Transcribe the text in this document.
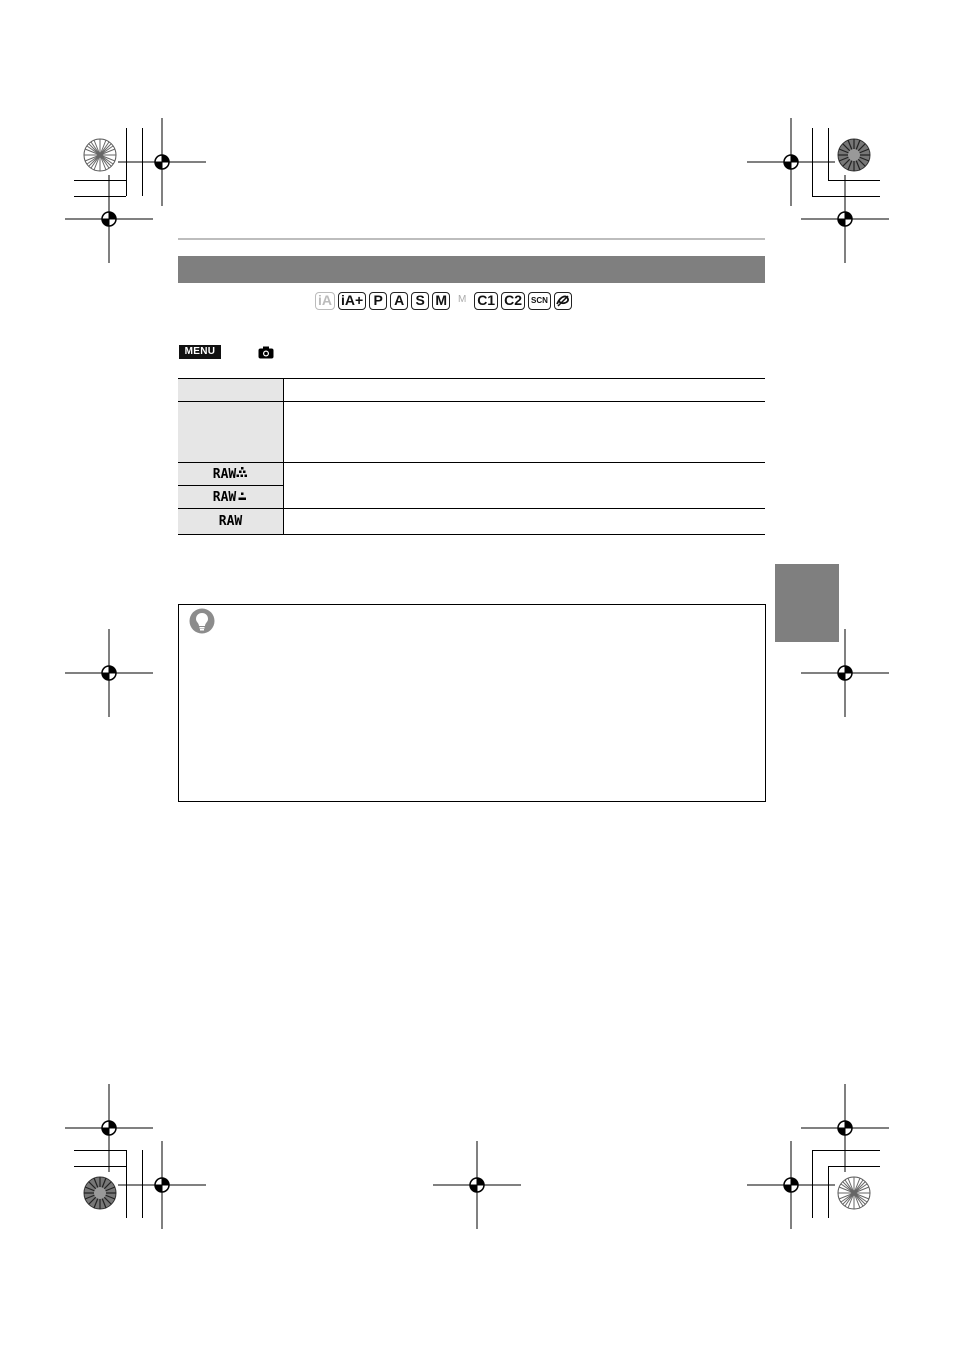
iA iA+ P A S M	M C1 C2	SCN
MENU

RAW	
RAW	
RAW	
